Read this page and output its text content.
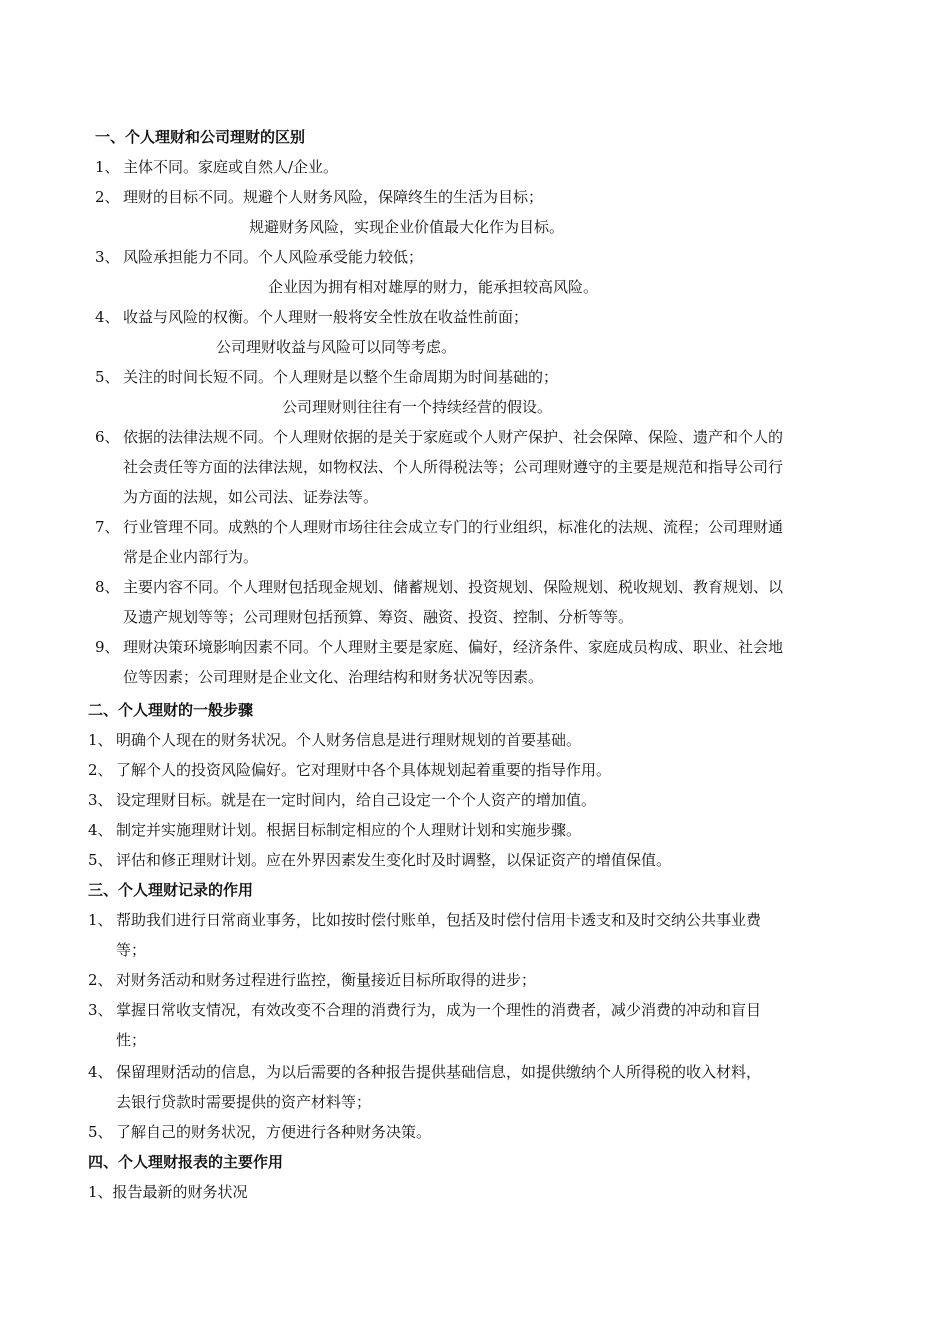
一、个人理财和公司理财的区别
1、 主体不同。家庭或自然人/企业。
2、 理财的目标不同。规避个人财务风险，保障终生的生活为目标；
规避财务风险，实现企业价值最大化作为目标。
3、 风险承担能力不同。个人风险承受能力较低；
企业因为拥有相对雄厚的财力，能承担较高风险。
4、 收益与风险的权衡。个人理财一般将安全性放在收益性前面；
公司理财收益与风险可以同等考虑。
5、 关注的时间长短不同。个人理财是以整个生命周期为时间基础的；
公司理财则往往有一个持续经营的假设。
6、 依据的法律法规不同。个人理财依据的是关于家庭或个人财产保护、社会保障、保险、遗产和个人的
社会责任等方面的法律法规，如物权法、个人所得税法等；公司理财遵守的主要是规范和指导公司行
为方面的法规，如公司法、证券法等。
7、 行业管理不同。成熟的个人理财市场往往会成立专门的行业组织，标准化的法规、流程；公司理财通
常是企业内部行为。
8、 主要内容不同。个人理财包括现金规划、储蓄规划、投资规划、保险规划、税收规划、教育规划、以
及遗产规划等等；公司理财包括预算、筹资、融资、投资、控制、分析等等。
9、 理财决策环境影响因素不同。个人理财主要是家庭、偏好，经济条件、家庭成员构成、职业、社会地
位等因素；公司理财是企业文化、治理结构和财务状况等因素。
二、个人理财的一般步骤
1、 明确个人现在的财务状况。个人财务信息是进行理财规划的首要基础。
2、 了解个人的投资风险偏好。它对理财中各个具体规划起着重要的指导作用。
3、 设定理财目标。就是在一定时间内，给自己设定一个个人资产的增加值。
4、 制定并实施理财计划。根据目标制定相应的个人理财计划和实施步骤。
5、 评估和修正理财计划。应在外界因素发生变化时及时调整，以保证资产的增值保值。
三、个人理财记录的作用
1、 帮助我们进行日常商业事务，比如按时偿付账单，包括及时偿付信用卡透支和及时交纳公共事业费
等；
2、 对财务活动和财务过程进行监控，衡量接近目标所取得的进步；
3、 掌握日常收支情况，有效改变不合理的消费行为，成为一个理性的消费者，减少消费的冲动和盲目
性；
4、 保留理财活动的信息，为以后需要的各种报告提供基础信息，如提供缴纳个人所得税的收入材料，
去银行贷款时需要提供的资产材料等；
5、 了解自己的财务状况，方便进行各种财务决策。
四、个人理财报表的主要作用
1、报告最新的财务状况
